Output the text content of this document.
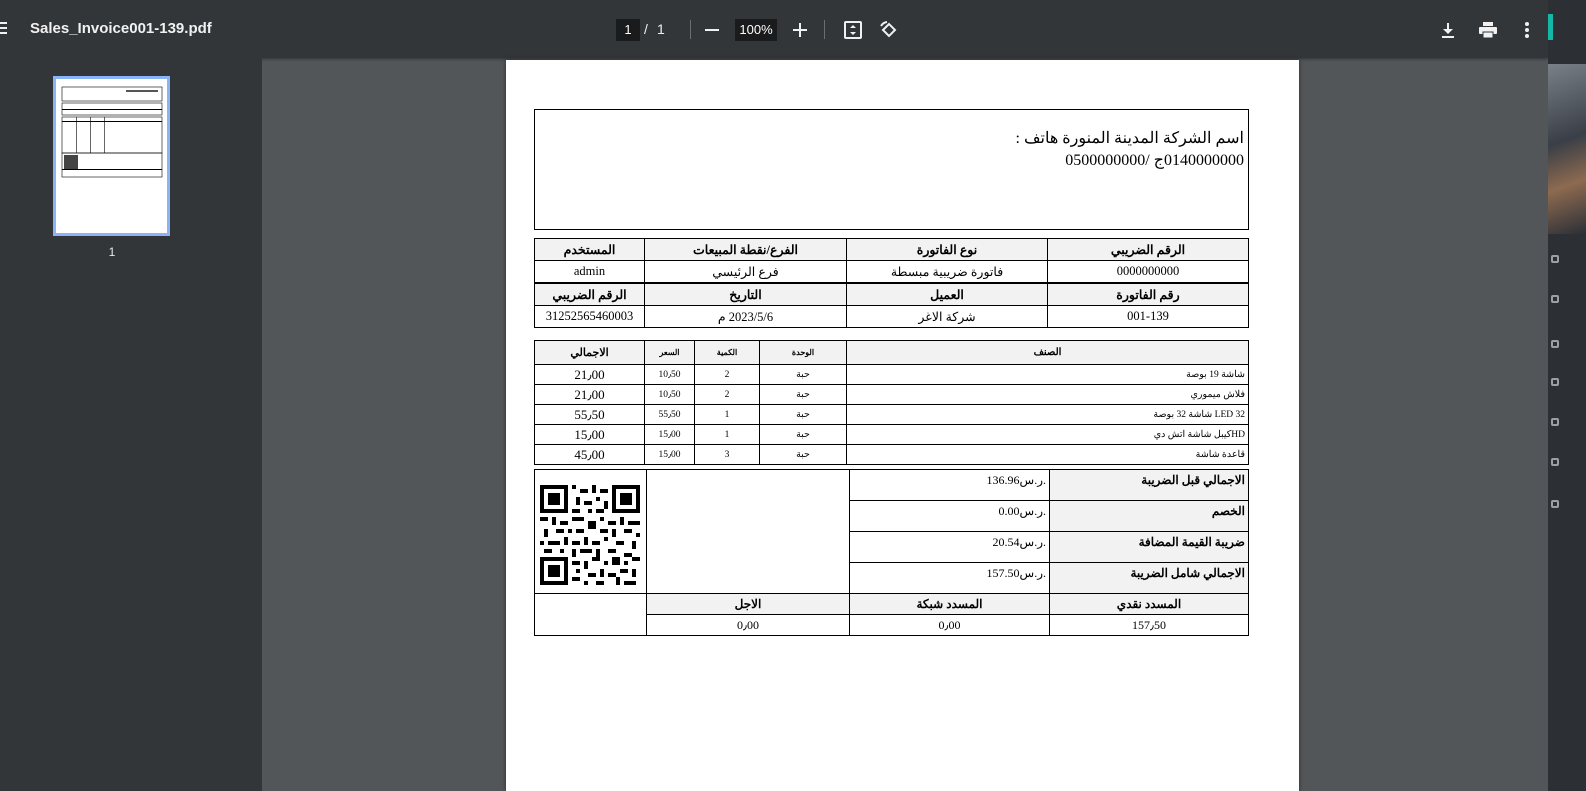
Sales_Invoice001-139.pdf	1 / 1	100%
1
اسم الشركة المدينة المنورة هاتف :
0140000000ج /0500000000
المستخدم	الفرع/نقطة المبيعات	نوع الفاتورة	الرقم الضريبي
admin	فرع الرئيسي	فاتورة ضريبية مبسطة	0000000000
الرقم الضريبي	التاريخ	العميل	رقم الفاتورة
31252565460003	2023/5/6 م	شركة الاغر	001-139
الاجمالي	السعر	الكمية	الوحدة	الصنف
21٫00	10٫50	2	حبة	شاشة 19 بوصة
21٫00	10٫50	2	حبة	فلاش ميموري
55٫50	55٫50	1	حبة	LED 32 شاشة 32 بوصة
15٫00	15٫00	1	حبة	HDكيبل شاشة اتش دي
45٫00	15٫00	3	حبة	قاعدة شاشة
		136.96ر.س.	الاجمالي قبل الضريبة
		0.00ر.س.	الخصم
		20.54ر.س.	ضريبة القيمة المضافة
		157.50ر.س.	الاجمالي شامل الضريبة
	الاجل	المسدد شبكة	المسدد نقدي
	0٫00	0٫00	157٫50
